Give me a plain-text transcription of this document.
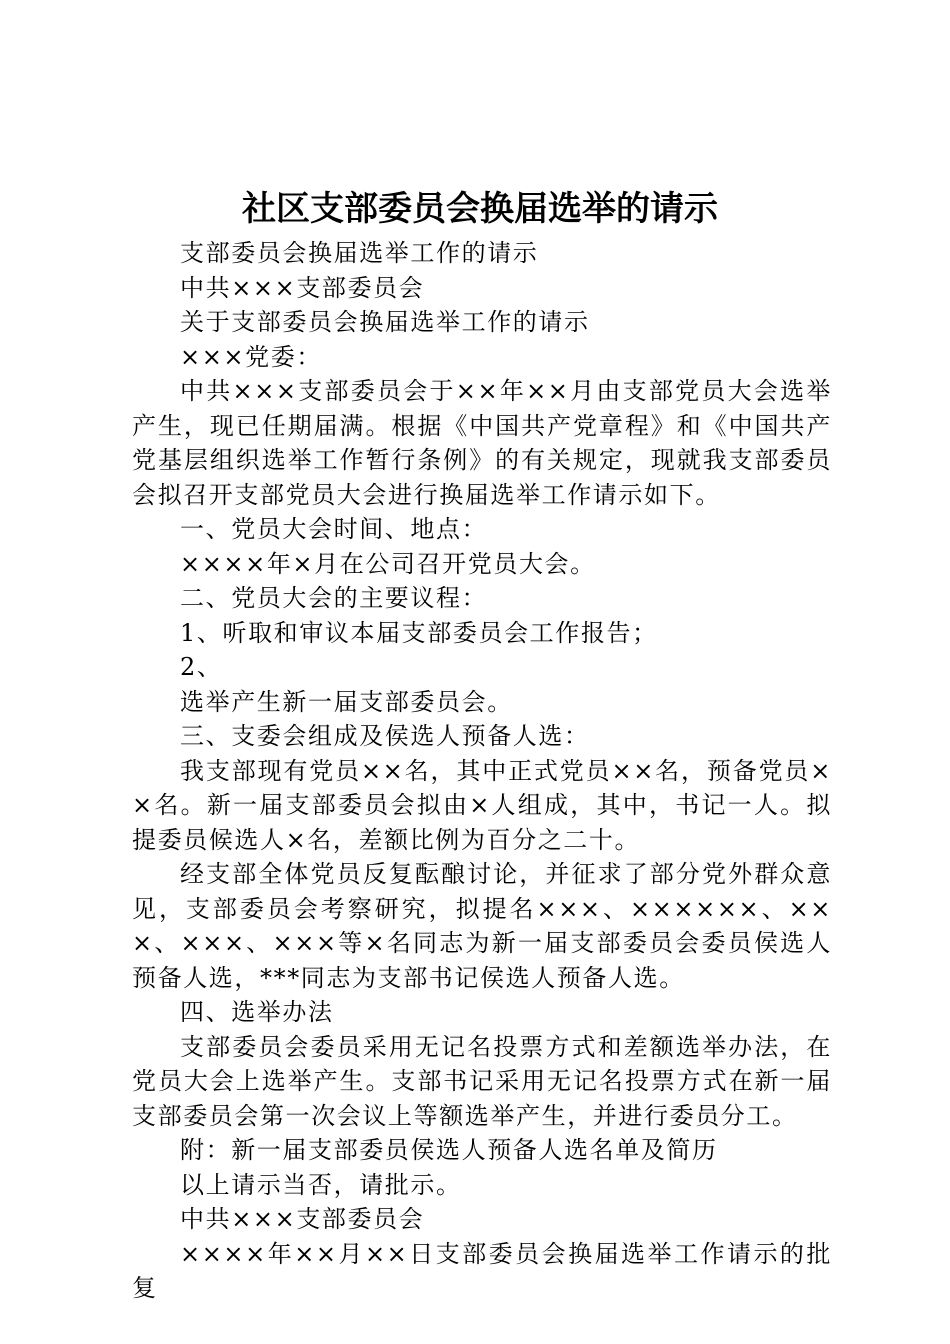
社区支部委员会换届选举的请示

支部委员会换届选举工作的请示

中共×××支部委员会

关于支部委员会换届选举工作的请示

×××党委：

中共×××支部委员会于××年××月由支部党员大会选举产生，现已任期届满。根据《中国共产党章程》和《中国共产党基层组织选举工作暂行条例》的有关规定，现就我支部委员会拟召开支部党员大会进行换届选举工作请示如下。

一、党员大会时间、地点：

××××年×月在公司召开党员大会。

二、党员大会的主要议程：

1、听取和审议本届支部委员会工作报告；

2、

选举产生新一届支部委员会。

三、支委会组成及侯选人预备人选：

我支部现有党员××名，其中正式党员××名，预备党员××名。新一届支部委员会拟由×人组成，其中，书记一人。拟提委员候选人×名，差额比例为百分之二十。

经支部全体党员反复酝酿讨论，并征求了部分党外群众意见，支部委员会考察研究，拟提名×××、××××××、×××、×××、×××等×名同志为新一届支部委员会委员侯选人预备人选，***同志为支部书记侯选人预备人选。

四、选举办法

支部委员会委员采用无记名投票方式和差额选举办法，在党员大会上选举产生。支部书记采用无记名投票方式在新一届支部委员会第一次会议上等额选举产生，并进行委员分工。

附：新一届支部委员侯选人预备人选名单及简历

以上请示当否，请批示。

中共×××支部委员会

××××年××月××日支部委员会换届选举工作请示的批复
